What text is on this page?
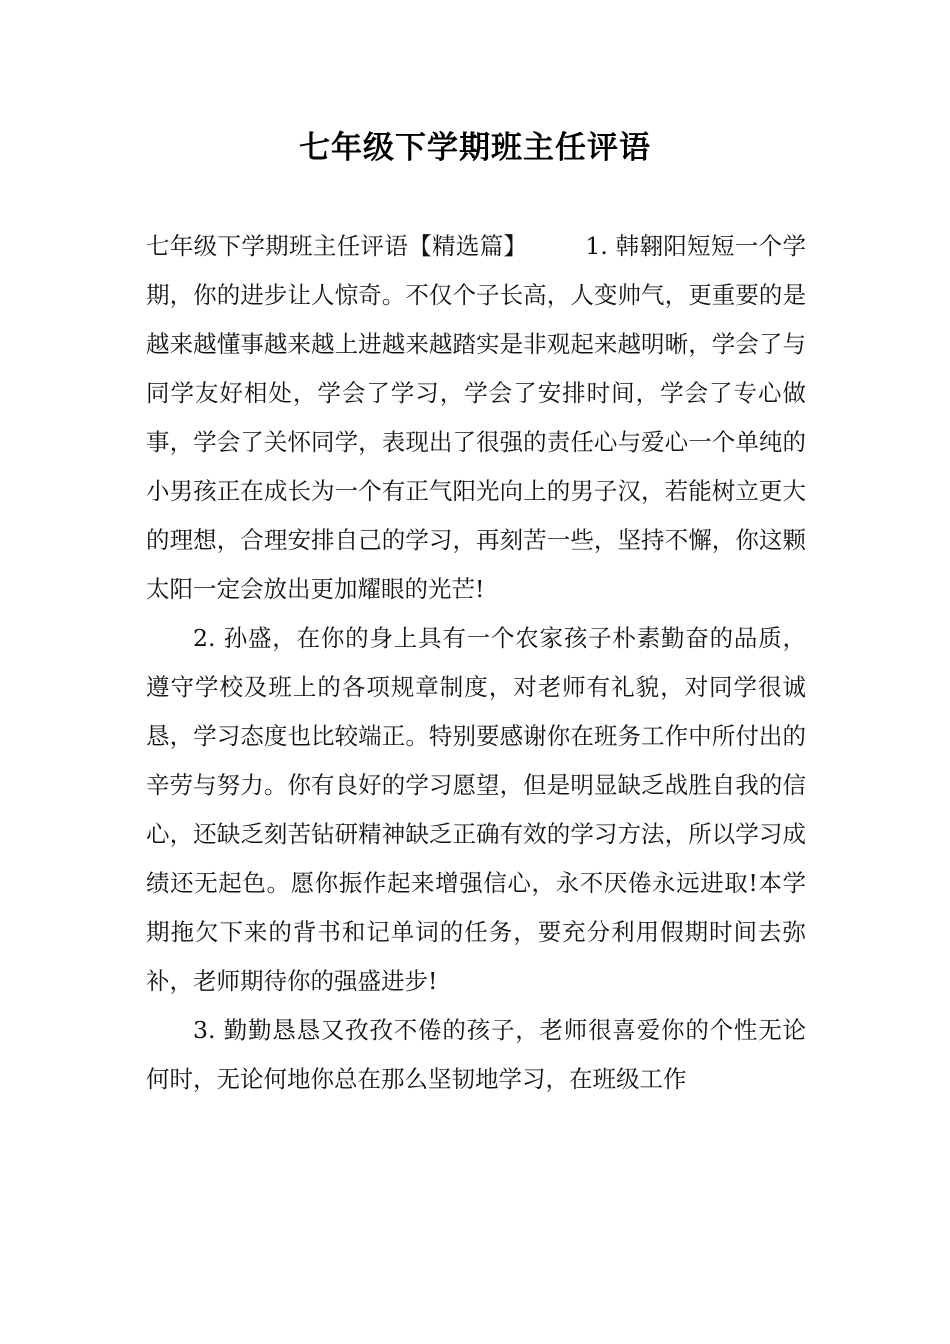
七年级下学期班主任评语

七年级下学期班主任评语【精选篇】 1. 韩翱阳短短一个学期，你的进步让人惊奇。不仅个子长高，人变帅气，更重要的是越来越懂事越来越上进越来越踏实是非观起来越明晰，学会了与同学友好相处，学会了学习，学会了安排时间，学会了专心做事，学会了关怀同学，表现出了很强的责任心与爱心一个单纯的小男孩正在成长为一个有正气阳光向上的男子汉，若能树立更大的理想，合理安排自己的学习，再刻苦一些，坚持不懈，你这颗太阳一定会放出更加耀眼的光芒!

2. 孙盛，在你的身上具有一个农家孩子朴素勤奋的品质，遵守学校及班上的各项规章制度，对老师有礼貌，对同学很诚恳，学习态度也比较端正。特别要感谢你在班务工作中所付出的辛劳与努力。你有良好的学习愿望，但是明显缺乏战胜自我的信心，还缺乏刻苦钻研精神缺乏正确有效的学习方法，所以学习成绩还无起色。愿你振作起来增强信心，永不厌倦永远进取!本学期拖欠下来的背书和记单词的任务，要充分利用假期时间去弥补，老师期待你的强盛进步!

3. 勤勤恳恳又孜孜不倦的孩子，老师很喜爱你的个性无论何时，无论何地你总在那么坚韧地学习，在班级工作
